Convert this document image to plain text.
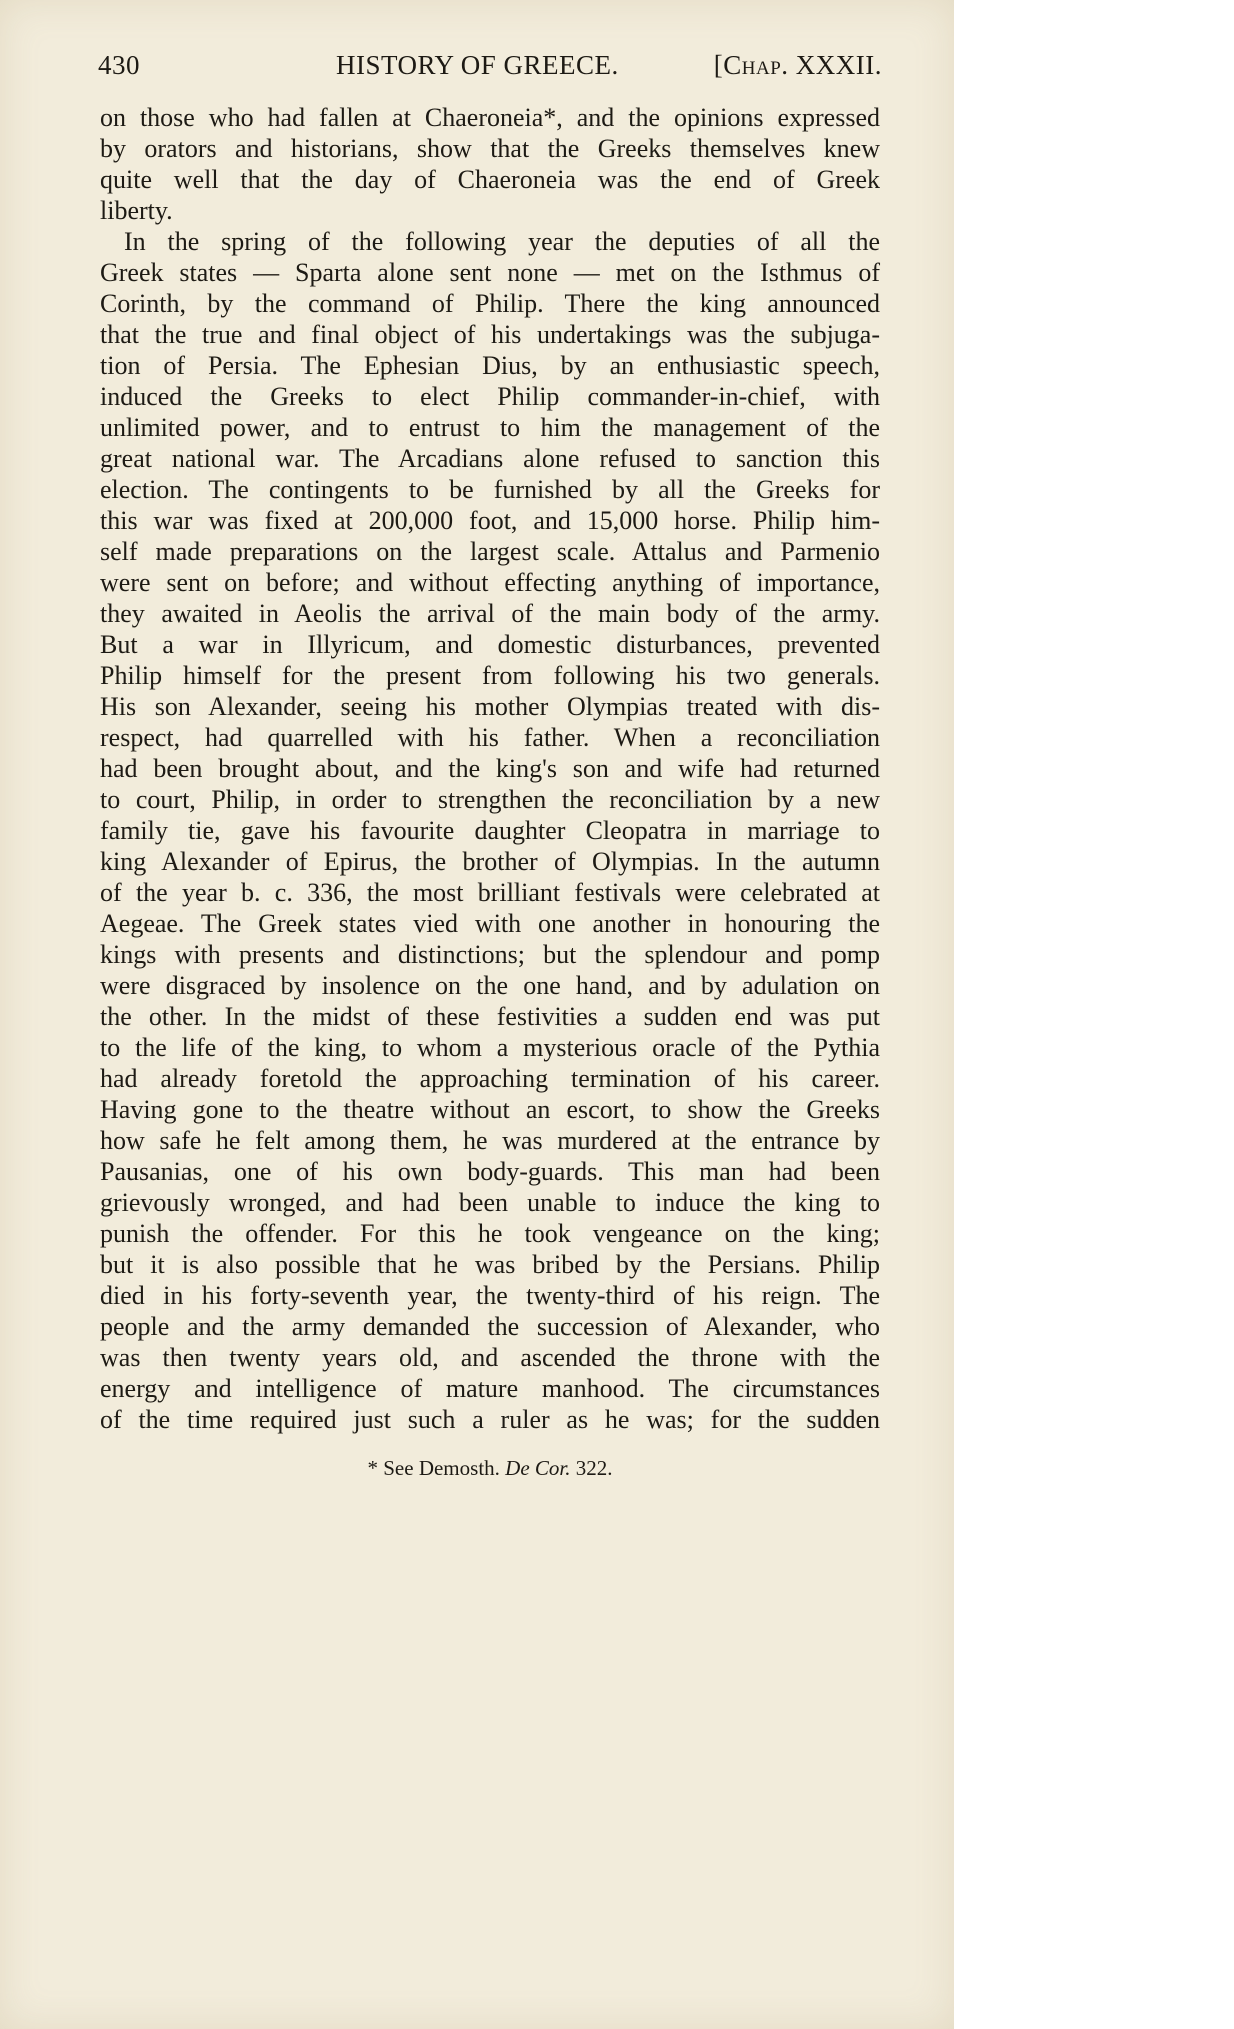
430	HISTORY OF GREECE.	[Chap. XXXII.
on those who had fallen at Chaeroneia*, and the opinions expressed
by orators and historians, show that the Greeks themselves knew
quite well that the day of Chaeroneia was the end of Greek
liberty.
In the spring of the following year the deputies of all the
Greek states — Sparta alone sent none — met on the Isthmus of
Corinth, by the command of Philip. There the king announced
that the true and final object of his undertakings was the subjuga-
tion of Persia. The Ephesian Dius, by an enthusiastic speech,
induced the Greeks to elect Philip commander-in-chief, with
unlimited power, and to entrust to him the management of the
great national war. The Arcadians alone refused to sanction this
election. The contingents to be furnished by all the Greeks for
this war was fixed at 200,000 foot, and 15,000 horse. Philip him-
self made preparations on the largest scale. Attalus and Parmenio
were sent on before; and without effecting anything of importance,
they awaited in Aeolis the arrival of the main body of the army.
But a war in Illyricum, and domestic disturbances, prevented
Philip himself for the present from following his two generals.
His son Alexander, seeing his mother Olympias treated with dis-
respect, had quarrelled with his father. When a reconciliation
had been brought about, and the king's son and wife had returned
to court, Philip, in order to strengthen the reconciliation by a new
family tie, gave his favourite daughter Cleopatra in marriage to
king Alexander of Epirus, the brother of Olympias. In the autumn
of the year b. c. 336, the most brilliant festivals were celebrated at
Aegeae. The Greek states vied with one another in honouring the
kings with presents and distinctions; but the splendour and pomp
were disgraced by insolence on the one hand, and by adulation on
the other. In the midst of these festivities a sudden end was put
to the life of the king, to whom a mysterious oracle of the Pythia
had already foretold the approaching termination of his career.
Having gone to the theatre without an escort, to show the Greeks
how safe he felt among them, he was murdered at the entrance by
Pausanias, one of his own body-guards. This man had been
grievously wronged, and had been unable to induce the king to
punish the offender. For this he took vengeance on the king;
but it is also possible that he was bribed by the Persians. Philip
died in his forty-seventh year, the twenty-third of his reign. The
people and the army demanded the succession of Alexander, who
was then twenty years old, and ascended the throne with the
energy and intelligence of mature manhood. The circumstances
of the time required just such a ruler as he was; for the sudden
* See Demosth. De Cor. 322.
